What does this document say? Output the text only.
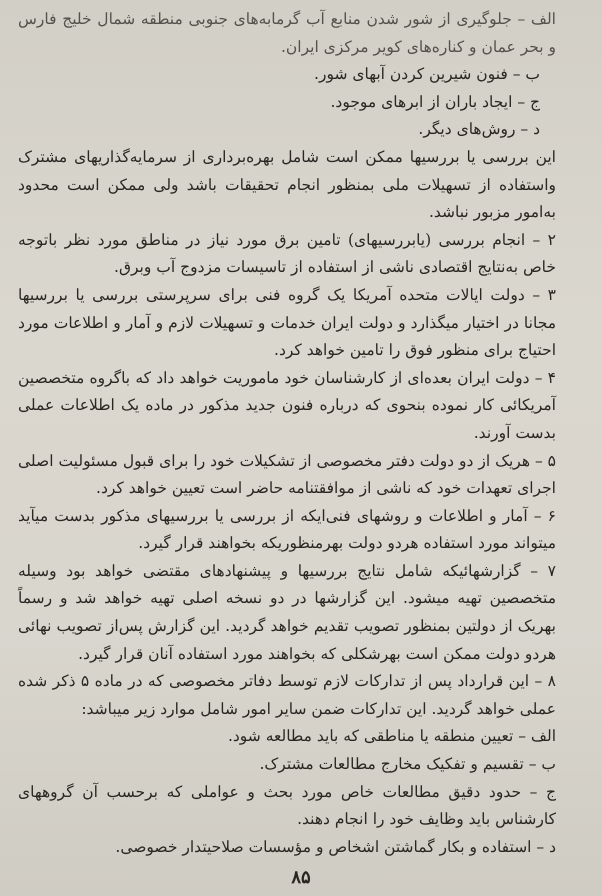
الف – جلوگیری از شور شدن منابع آب گرمابه‌های جنوبی منطقه شمال خلیج فارس و بحر عمان و کناره‌های کویر مرکزی ایران.

ب – فنون شیرین کردن آبهای شور.

ج – ایجاد باران از ابرهای موجود.

د – روش‌های دیگر.

این بررسی یا بررسیها ممکن است شامل بهره‌برداری از سرمایه‌گذاریهای مشترک واستفاده از تسهیلات ملی بمنظور انجام تحقیقات باشد ولی ممکن است محدود به‌امور مزبور نباشد.

۲ – انجام بررسی (یابررسیهای) تامین برق مورد نیاز در مناطق مورد نظر باتوجه خاص به‌نتایج اقتصادی ناشی از استفاده از تاسیسات مزدوج آب وبرق.

۳ – دولت ایالات متحده آمریکا یک گروه فنی برای سرپرستی بررسی یا بررسیها مجانا در اختیار میگذارد و دولت ایران خدمات و تسهیلات لازم و آمار و اطلاعات مورد احتیاج برای منظور فوق را تامین خواهد کرد.

۴ – دولت ایران بعده‌ای از کارشناسان خود ماموریت خواهد داد که باگروه متخصصین آمریکائی کار نموده بنحوی که درباره فنون جدید مذکور در ماده یک اطلاعات عملی بدست آورند.

۵ – هریک از دو دولت دفتر مخصوصی از تشکیلات خود را برای قبول مسئولیت اصلی اجرای تعهدات خود که ناشی از موافقتنامه حاضر است تعیین خواهد کرد.

۶ – آمار و اطلاعات و روشهای فنی‌ایکه از بررسی یا بررسیهای مذکور بدست میآید میتواند مورد استفاده هردو دولت بهرمنظوریکه بخواهند قرار گیرد.

۷ – گزارشهائیکه شامل نتایج بررسیها و پیشنهادهای مقتضی خواهد بود وسیله متخصصین تهیه میشود. این گزارشها در دو نسخه اصلی تهیه خواهد شد و رسماً بهریک از دولتین بمنظور تصویب تقدیم خواهد گردید. این گزارش پس‌از تصویب نهائی هردو دولت ممکن است بهرشکلی که بخواهند مورد استفاده آنان قرار گیرد.

۸ – این قرارداد پس از تدارکات لازم توسط دفاتر مخصوصی که در ماده ۵ ذکر شده عملی خواهد گردید. این تدارکات ضمن سایر امور شامل موارد زیر میباشد:

الف – تعیین منطقه یا مناطقی که باید مطالعه شود.

ب – تقسیم و تفکیک مخارج مطالعات مشترک.

ج – حدود دقیق مطالعات خاص مورد بحث و عواملی که برحسب آن گروههای کارشناس باید وظایف خود را انجام دهند.

د – استفاده و بکار گماشتن اشخاص و مؤسسات صلاحیتدار خصوصی.

۸۵
